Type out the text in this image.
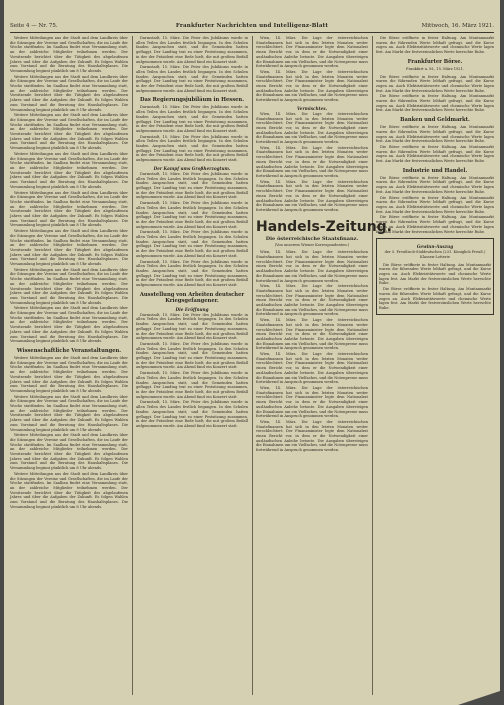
Seite 4 — Nr. 75.	Frankfurter Nachrichten und Intelligenz-Blatt	Mittwoch, 16. März 1921.

Weitere Mitteilungen aus der Stadt und dem Landkreis über die Sitzungen der Vereine und Gesellschaften, die im Laufe der Woche stattfinden. Im Saalbau findet eine Versammlung statt, an der zahlreiche Mitglieder teilnehmen werden. Der Vorsitzende berichtet über die Tätigkeit des abgelaufenen Jahres und über die Aufgaben der Zukunft. Es folgen Wahlen zum Vorstand und die Beratung des Haushaltsplanes. Die Versammlung beginnt pünktlich um 8 Uhr abends.

Weitere Mitteilungen aus der Stadt und dem Landkreis über die Sitzungen der Vereine und Gesellschaften, die im Laufe der Woche stattfinden. Im Saalbau findet eine Versammlung statt, an der zahlreiche Mitglieder teilnehmen werden. Der Vorsitzende berichtet über die Tätigkeit des abgelaufenen Jahres und über die Aufgaben der Zukunft. Es folgen Wahlen zum Vorstand und die Beratung des Haushaltsplanes. Die Versammlung beginnt pünktlich um 8 Uhr abends.

Weitere Mitteilungen aus der Stadt und dem Landkreis über die Sitzungen der Vereine und Gesellschaften, die im Laufe der Woche stattfinden. Im Saalbau findet eine Versammlung statt, an der zahlreiche Mitglieder teilnehmen werden. Der Vorsitzende berichtet über die Tätigkeit des abgelaufenen Jahres und über die Aufgaben der Zukunft. Es folgen Wahlen zum Vorstand und die Beratung des Haushaltsplanes. Die Versammlung beginnt pünktlich um 8 Uhr abends.

Weitere Mitteilungen aus der Stadt und dem Landkreis über die Sitzungen der Vereine und Gesellschaften, die im Laufe der Woche stattfinden. Im Saalbau findet eine Versammlung statt, an der zahlreiche Mitglieder teilnehmen werden. Der Vorsitzende berichtet über die Tätigkeit des abgelaufenen Jahres und über die Aufgaben der Zukunft. Es folgen Wahlen zum Vorstand und die Beratung des Haushaltsplanes. Die Versammlung beginnt pünktlich um 8 Uhr abends.

Weitere Mitteilungen aus der Stadt und dem Landkreis über die Sitzungen der Vereine und Gesellschaften, die im Laufe der Woche stattfinden. Im Saalbau findet eine Versammlung statt, an der zahlreiche Mitglieder teilnehmen werden. Der Vorsitzende berichtet über die Tätigkeit des abgelaufenen Jahres und über die Aufgaben der Zukunft. Es folgen Wahlen zum Vorstand und die Beratung des Haushaltsplanes. Die Versammlung beginnt pünktlich um 8 Uhr abends.

Weitere Mitteilungen aus der Stadt und dem Landkreis über die Sitzungen der Vereine und Gesellschaften, die im Laufe der Woche stattfinden. Im Saalbau findet eine Versammlung statt, an der zahlreiche Mitglieder teilnehmen werden. Der Vorsitzende berichtet über die Tätigkeit des abgelaufenen Jahres und über die Aufgaben der Zukunft. Es folgen Wahlen zum Vorstand und die Beratung des Haushaltsplanes. Die Versammlung beginnt pünktlich um 8 Uhr abends.

Weitere Mitteilungen aus der Stadt und dem Landkreis über die Sitzungen der Vereine und Gesellschaften, die im Laufe der Woche stattfinden. Im Saalbau findet eine Versammlung statt, an der zahlreiche Mitglieder teilnehmen werden. Der Vorsitzende berichtet über die Tätigkeit des abgelaufenen Jahres und über die Aufgaben der Zukunft. Es folgen Wahlen zum Vorstand und die Beratung des Haushaltsplanes. Die Versammlung beginnt pünktlich um 8 Uhr abends.

Weitere Mitteilungen aus der Stadt und dem Landkreis über die Sitzungen der Vereine und Gesellschaften, die im Laufe der Woche stattfinden. Im Saalbau findet eine Versammlung statt, an der zahlreiche Mitglieder teilnehmen werden. Der Vorsitzende berichtet über die Tätigkeit des abgelaufenen Jahres und über die Aufgaben der Zukunft. Es folgen Wahlen zum Vorstand und die Beratung des Haushaltsplanes. Die Versammlung beginnt pünktlich um 8 Uhr abends.

Wissenschaftliche Veranstaltungen.

Weitere Mitteilungen aus der Stadt und dem Landkreis über die Sitzungen der Vereine und Gesellschaften, die im Laufe der Woche stattfinden. Im Saalbau findet eine Versammlung statt, an der zahlreiche Mitglieder teilnehmen werden. Der Vorsitzende berichtet über die Tätigkeit des abgelaufenen Jahres und über die Aufgaben der Zukunft. Es folgen Wahlen zum Vorstand und die Beratung des Haushaltsplanes. Die Versammlung beginnt pünktlich um 8 Uhr abends.

Weitere Mitteilungen aus der Stadt und dem Landkreis über die Sitzungen der Vereine und Gesellschaften, die im Laufe der Woche stattfinden. Im Saalbau findet eine Versammlung statt, an der zahlreiche Mitglieder teilnehmen werden. Der Vorsitzende berichtet über die Tätigkeit des abgelaufenen Jahres und über die Aufgaben der Zukunft. Es folgen Wahlen zum Vorstand und die Beratung des Haushaltsplanes. Die Versammlung beginnt pünktlich um 8 Uhr abends.

Weitere Mitteilungen aus der Stadt und dem Landkreis über die Sitzungen der Vereine und Gesellschaften, die im Laufe der Woche stattfinden. Im Saalbau findet eine Versammlung statt, an der zahlreiche Mitglieder teilnehmen werden. Der Vorsitzende berichtet über die Tätigkeit des abgelaufenen Jahres und über die Aufgaben der Zukunft. Es folgen Wahlen zum Vorstand und die Beratung des Haushaltsplanes. Die Versammlung beginnt pünktlich um 8 Uhr abends.

Weitere Mitteilungen aus der Stadt und dem Landkreis über die Sitzungen der Vereine und Gesellschaften, die im Laufe der Woche stattfinden. Im Saalbau findet eine Versammlung statt, an der zahlreiche Mitglieder teilnehmen werden. Der Vorsitzende berichtet über die Tätigkeit des abgelaufenen Jahres und über die Aufgaben der Zukunft. Es folgen Wahlen zum Vorstand und die Beratung des Haushaltsplanes. Die Versammlung beginnt pünktlich um 8 Uhr abends.

Darmstadt, 15. März. Die Feier des Jubiläums wurde in allen Teilen des Landes festlich begangen. In den Schulen fanden Ansprachen statt, und die Gemeinden hatten geflaggt. Der Landtag trat zu einer Festsitzung zusammen, in der der Präsident eine Rede hielt, die mit großem Beifall aufgenommen wurde. Am Abend fand ein Konzert statt.

Darmstadt, 15. März. Die Feier des Jubiläums wurde in allen Teilen des Landes festlich begangen. In den Schulen fanden Ansprachen statt, und die Gemeinden hatten geflaggt. Der Landtag trat zu einer Festsitzung zusammen, in der der Präsident eine Rede hielt, die mit großem Beifall aufgenommen wurde. Am Abend fand ein Konzert statt.

Das Regierungsjubiläum in Hessen.

Darmstadt, 15. März. Die Feier des Jubiläums wurde in allen Teilen des Landes festlich begangen. In den Schulen fanden Ansprachen statt, und die Gemeinden hatten geflaggt. Der Landtag trat zu einer Festsitzung zusammen, in der der Präsident eine Rede hielt, die mit großem Beifall aufgenommen wurde. Am Abend fand ein Konzert statt.

Darmstadt, 15. März. Die Feier des Jubiläums wurde in allen Teilen des Landes festlich begangen. In den Schulen fanden Ansprachen statt, und die Gemeinden hatten geflaggt. Der Landtag trat zu einer Festsitzung zusammen, in der der Präsident eine Rede hielt, die mit großem Beifall aufgenommen wurde. Am Abend fand ein Konzert statt.

Der Kampf ums Großherzogtum.

Darmstadt, 15. März. Die Feier des Jubiläums wurde in allen Teilen des Landes festlich begangen. In den Schulen fanden Ansprachen statt, und die Gemeinden hatten geflaggt. Der Landtag trat zu einer Festsitzung zusammen, in der der Präsident eine Rede hielt, die mit großem Beifall aufgenommen wurde. Am Abend fand ein Konzert statt.

Darmstadt, 15. März. Die Feier des Jubiläums wurde in allen Teilen des Landes festlich begangen. In den Schulen fanden Ansprachen statt, und die Gemeinden hatten geflaggt. Der Landtag trat zu einer Festsitzung zusammen, in der der Präsident eine Rede hielt, die mit großem Beifall aufgenommen wurde. Am Abend fand ein Konzert statt.

Darmstadt, 15. März. Die Feier des Jubiläums wurde in allen Teilen des Landes festlich begangen. In den Schulen fanden Ansprachen statt, und die Gemeinden hatten geflaggt. Der Landtag trat zu einer Festsitzung zusammen, in der der Präsident eine Rede hielt, die mit großem Beifall aufgenommen wurde. Am Abend fand ein Konzert statt.

Darmstadt, 15. März. Die Feier des Jubiläums wurde in allen Teilen des Landes festlich begangen. In den Schulen fanden Ansprachen statt, und die Gemeinden hatten geflaggt. Der Landtag trat zu einer Festsitzung zusammen, in der der Präsident eine Rede hielt, die mit großem Beifall aufgenommen wurde. Am Abend fand ein Konzert statt.

Ausstellung von Arbeiten deutscher Kriegsgefangener.
Die Eröffnung

Darmstadt, 15. März. Die Feier des Jubiläums wurde in allen Teilen des Landes festlich begangen. In den Schulen fanden Ansprachen statt, und die Gemeinden hatten geflaggt. Der Landtag trat zu einer Festsitzung zusammen, in der der Präsident eine Rede hielt, die mit großem Beifall aufgenommen wurde. Am Abend fand ein Konzert statt.

Darmstadt, 15. März. Die Feier des Jubiläums wurde in allen Teilen des Landes festlich begangen. In den Schulen fanden Ansprachen statt, und die Gemeinden hatten geflaggt. Der Landtag trat zu einer Festsitzung zusammen, in der der Präsident eine Rede hielt, die mit großem Beifall aufgenommen wurde. Am Abend fand ein Konzert statt.

Darmstadt, 15. März. Die Feier des Jubiläums wurde in allen Teilen des Landes festlich begangen. In den Schulen fanden Ansprachen statt, und die Gemeinden hatten geflaggt. Der Landtag trat zu einer Festsitzung zusammen, in der der Präsident eine Rede hielt, die mit großem Beifall aufgenommen wurde. Am Abend fand ein Konzert statt.

Darmstadt, 15. März. Die Feier des Jubiläums wurde in allen Teilen des Landes festlich begangen. In den Schulen fanden Ansprachen statt, und die Gemeinden hatten geflaggt. Der Landtag trat zu einer Festsitzung zusammen, in der der Präsident eine Rede hielt, die mit großem Beifall aufgenommen wurde. Am Abend fand ein Konzert statt.

Wien, 14. März. Die Lage der österreichischen Staatsfinanzen hat sich in den letzten Monaten weiter verschlechtert. Der Finanzminister legte dem Nationalrat einen Bericht vor, in dem er die Notwendigkeit einer ausländischen Anleihe betonte. Die Ausgaben übersteigen die Einnahmen um ein Vielfaches, und die Notenpresse muss fortwährend in Anspruch genommen werden.

Wien, 14. März. Die Lage der österreichischen Staatsfinanzen hat sich in den letzten Monaten weiter verschlechtert. Der Finanzminister legte dem Nationalrat einen Bericht vor, in dem er die Notwendigkeit einer ausländischen Anleihe betonte. Die Ausgaben übersteigen die Einnahmen um ein Vielfaches, und die Notenpresse muss fortwährend in Anspruch genommen werden.

Vermischtes.

Wien, 14. März. Die Lage der österreichischen Staatsfinanzen hat sich in den letzten Monaten weiter verschlechtert. Der Finanzminister legte dem Nationalrat einen Bericht vor, in dem er die Notwendigkeit einer ausländischen Anleihe betonte. Die Ausgaben übersteigen die Einnahmen um ein Vielfaches, und die Notenpresse muss fortwährend in Anspruch genommen werden.

Wien, 14. März. Die Lage der österreichischen Staatsfinanzen hat sich in den letzten Monaten weiter verschlechtert. Der Finanzminister legte dem Nationalrat einen Bericht vor, in dem er die Notwendigkeit einer ausländischen Anleihe betonte. Die Ausgaben übersteigen die Einnahmen um ein Vielfaches, und die Notenpresse muss fortwährend in Anspruch genommen werden.

Wien, 14. März. Die Lage der österreichischen Staatsfinanzen hat sich in den letzten Monaten weiter verschlechtert. Der Finanzminister legte dem Nationalrat einen Bericht vor, in dem er die Notwendigkeit einer ausländischen Anleihe betonte. Die Ausgaben übersteigen die Einnahmen um ein Vielfaches, und die Notenpresse muss fortwährend in Anspruch genommen werden.

Handels-Zeitung.
Die österreichische Staatsfinanz.
(Von unserem Wiener Korrespondenten.)

Wien, 14. März. Die Lage der österreichischen Staatsfinanzen hat sich in den letzten Monaten weiter verschlechtert. Der Finanzminister legte dem Nationalrat einen Bericht vor, in dem er die Notwendigkeit einer ausländischen Anleihe betonte. Die Ausgaben übersteigen die Einnahmen um ein Vielfaches, und die Notenpresse muss fortwährend in Anspruch genommen werden.

Wien, 14. März. Die Lage der österreichischen Staatsfinanzen hat sich in den letzten Monaten weiter verschlechtert. Der Finanzminister legte dem Nationalrat einen Bericht vor, in dem er die Notwendigkeit einer ausländischen Anleihe betonte. Die Ausgaben übersteigen die Einnahmen um ein Vielfaches, und die Notenpresse muss fortwährend in Anspruch genommen werden.

Wien, 14. März. Die Lage der österreichischen Staatsfinanzen hat sich in den letzten Monaten weiter verschlechtert. Der Finanzminister legte dem Nationalrat einen Bericht vor, in dem er die Notwendigkeit einer ausländischen Anleihe betonte. Die Ausgaben übersteigen die Einnahmen um ein Vielfaches, und die Notenpresse muss fortwährend in Anspruch genommen werden.

Wien, 14. März. Die Lage der österreichischen Staatsfinanzen hat sich in den letzten Monaten weiter verschlechtert. Der Finanzminister legte dem Nationalrat einen Bericht vor, in dem er die Notwendigkeit einer ausländischen Anleihe betonte. Die Ausgaben übersteigen die Einnahmen um ein Vielfaches, und die Notenpresse muss fortwährend in Anspruch genommen werden.

Wien, 14. März. Die Lage der österreichischen Staatsfinanzen hat sich in den letzten Monaten weiter verschlechtert. Der Finanzminister legte dem Nationalrat einen Bericht vor, in dem er die Notwendigkeit einer ausländischen Anleihe betonte. Die Ausgaben übersteigen die Einnahmen um ein Vielfaches, und die Notenpresse muss fortwährend in Anspruch genommen werden.

Wien, 14. März. Die Lage der österreichischen Staatsfinanzen hat sich in den letzten Monaten weiter verschlechtert. Der Finanzminister legte dem Nationalrat einen Bericht vor, in dem er die Notwendigkeit einer ausländischen Anleihe betonte. Die Ausgaben übersteigen die Einnahmen um ein Vielfaches, und die Notenpresse muss fortwährend in Anspruch genommen werden.

Die Börse eröffnete in fester Haltung. Am Montanmarkt waren die führenden Werte lebhaft gefragt, und die Kurse zogen an. Auch Elektrizitätswerte und chemische Werte lagen fest. Am Markt der festverzinslichen Werte herrschte Ruhe.

Frankfurter Börse.
Frankfurt a. M., 15. März 1921.

Die Börse eröffnete in fester Haltung. Am Montanmarkt waren die führenden Werte lebhaft gefragt, und die Kurse zogen an. Auch Elektrizitätswerte und chemische Werte lagen fest. Am Markt der festverzinslichen Werte herrschte Ruhe.

Die Börse eröffnete in fester Haltung. Am Montanmarkt waren die führenden Werte lebhaft gefragt, und die Kurse zogen an. Auch Elektrizitätswerte und chemische Werte lagen fest. Am Markt der festverzinslichen Werte herrschte Ruhe.

Banken und Geldmarkt.

Die Börse eröffnete in fester Haltung. Am Montanmarkt waren die führenden Werte lebhaft gefragt, und die Kurse zogen an. Auch Elektrizitätswerte und chemische Werte lagen fest. Am Markt der festverzinslichen Werte herrschte Ruhe.

Die Börse eröffnete in fester Haltung. Am Montanmarkt waren die führenden Werte lebhaft gefragt, und die Kurse zogen an. Auch Elektrizitätswerte und chemische Werte lagen fest. Am Markt der festverzinslichen Werte herrschte Ruhe.

Industrie und Handel.

Die Börse eröffnete in fester Haltung. Am Montanmarkt waren die führenden Werte lebhaft gefragt, und die Kurse zogen an. Auch Elektrizitätswerte und chemische Werte lagen fest. Am Markt der festverzinslichen Werte herrschte Ruhe.

Die Börse eröffnete in fester Haltung. Am Montanmarkt waren die führenden Werte lebhaft gefragt, und die Kurse zogen an. Auch Elektrizitätswerte und chemische Werte lagen fest. Am Markt der festverzinslichen Werte herrschte Ruhe.

Die Börse eröffnete in fester Haltung. Am Montanmarkt waren die führenden Werte lebhaft gefragt, und die Kurse zogen an. Auch Elektrizitätswerte und chemische Werte lagen fest. Am Markt der festverzinslichen Werte herrschte Ruhe.

Gewinn-Auszug
der 5. Preußisch-Süddeutschen (231. Königlich Preuß.) Klassen-Lotterie

Die Börse eröffnete in fester Haltung. Am Montanmarkt waren die führenden Werte lebhaft gefragt, und die Kurse zogen an. Auch Elektrizitätswerte und chemische Werte lagen fest. Am Markt der festverzinslichen Werte herrschte Ruhe.

Die Börse eröffnete in fester Haltung. Am Montanmarkt waren die führenden Werte lebhaft gefragt, und die Kurse zogen an. Auch Elektrizitätswerte und chemische Werte lagen fest. Am Markt der festverzinslichen Werte herrschte Ruhe.
